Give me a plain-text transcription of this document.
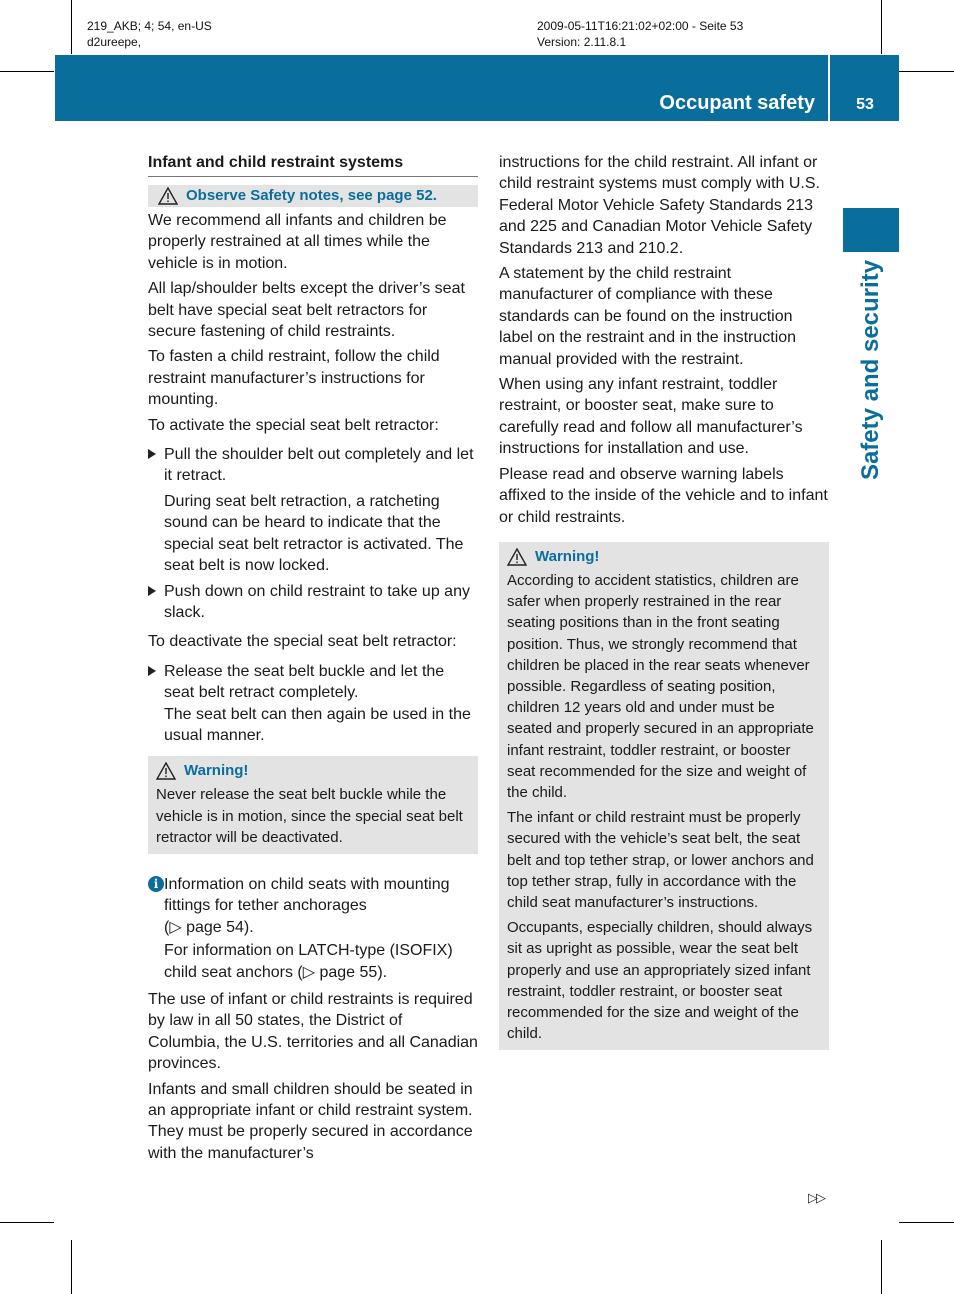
219_AKB; 4; 54, en-US
d2ureepe,
2009-05-11T16:21:02+02:00 - Seite 53
Version: 2.11.8.1
Occupant safety	53
Safety and security
Infant and child restraint systems
Observe Safety notes, see page 52.

We recommend all infants and children be properly restrained at all times while the vehicle is in motion.

All lap/shoulder belts except the driver’s seat belt have special seat belt retractors for secure fastening of child restraints.

To fasten a child restraint, follow the child restraint manufacturer’s instructions for mounting.

To activate the special seat belt retractor:

Pull the shoulder belt out completely and let it retract.

During seat belt retraction, a ratcheting sound can be heard to indicate that the special seat belt retractor is activated. The seat belt is now locked.

Push down on child restraint to take up any slack.

To deactivate the special seat belt retractor:

Release the seat belt buckle and let the seat belt retract completely.

The seat belt can then again be used in the usual manner.

Warning!

Never release the seat belt buckle while the vehicle is in motion, since the special seat belt retractor will be deactivated.

i Information on child seats with mounting fittings for tether anchorages
(▷ page 54).

For information on LATCH-type (ISOFIX) child seat anchors (▷ page 55).

The use of infant or child restraints is required by law in all 50 states, the District of Columbia, the U.S. territories and all Canadian provinces.

Infants and small children should be seated in an appropriate infant or child restraint system. They must be properly secured in accordance with the manufacturer’s

instructions for the child restraint. All infant or child restraint systems must comply with U.S. Federal Motor Vehicle Safety Standards 213 and 225 and Canadian Motor Vehicle Safety Standards 213 and 210.2.

A statement by the child restraint manufacturer of compliance with these standards can be found on the instruction label on the restraint and in the instruction manual provided with the restraint.

When using any infant restraint, toddler restraint, or booster seat, make sure to carefully read and follow all manufacturer’s instructions for installation and use.

Please read and observe warning labels affixed to the inside of the vehicle and to infant or child restraints.

Warning!

According to accident statistics, children are safer when properly restrained in the rear seating positions than in the front seating position. Thus, we strongly recommend that children be placed in the rear seats whenever possible. Regardless of seating position, children 12 years old and under must be seated and properly secured in an appropriate infant restraint, toddler restraint, or booster seat recommended for the size and weight of the child.

The infant or child restraint must be properly secured with the vehicle’s seat belt, the seat belt and top tether strap, or lower anchors and top tether strap, fully in accordance with the child seat manufacturer’s instructions.

Occupants, especially children, should always sit as upright as possible, wear the seat belt properly and use an appropriately sized infant restraint, toddler restraint, or booster seat recommended for the size and weight of the child.

▷▷
